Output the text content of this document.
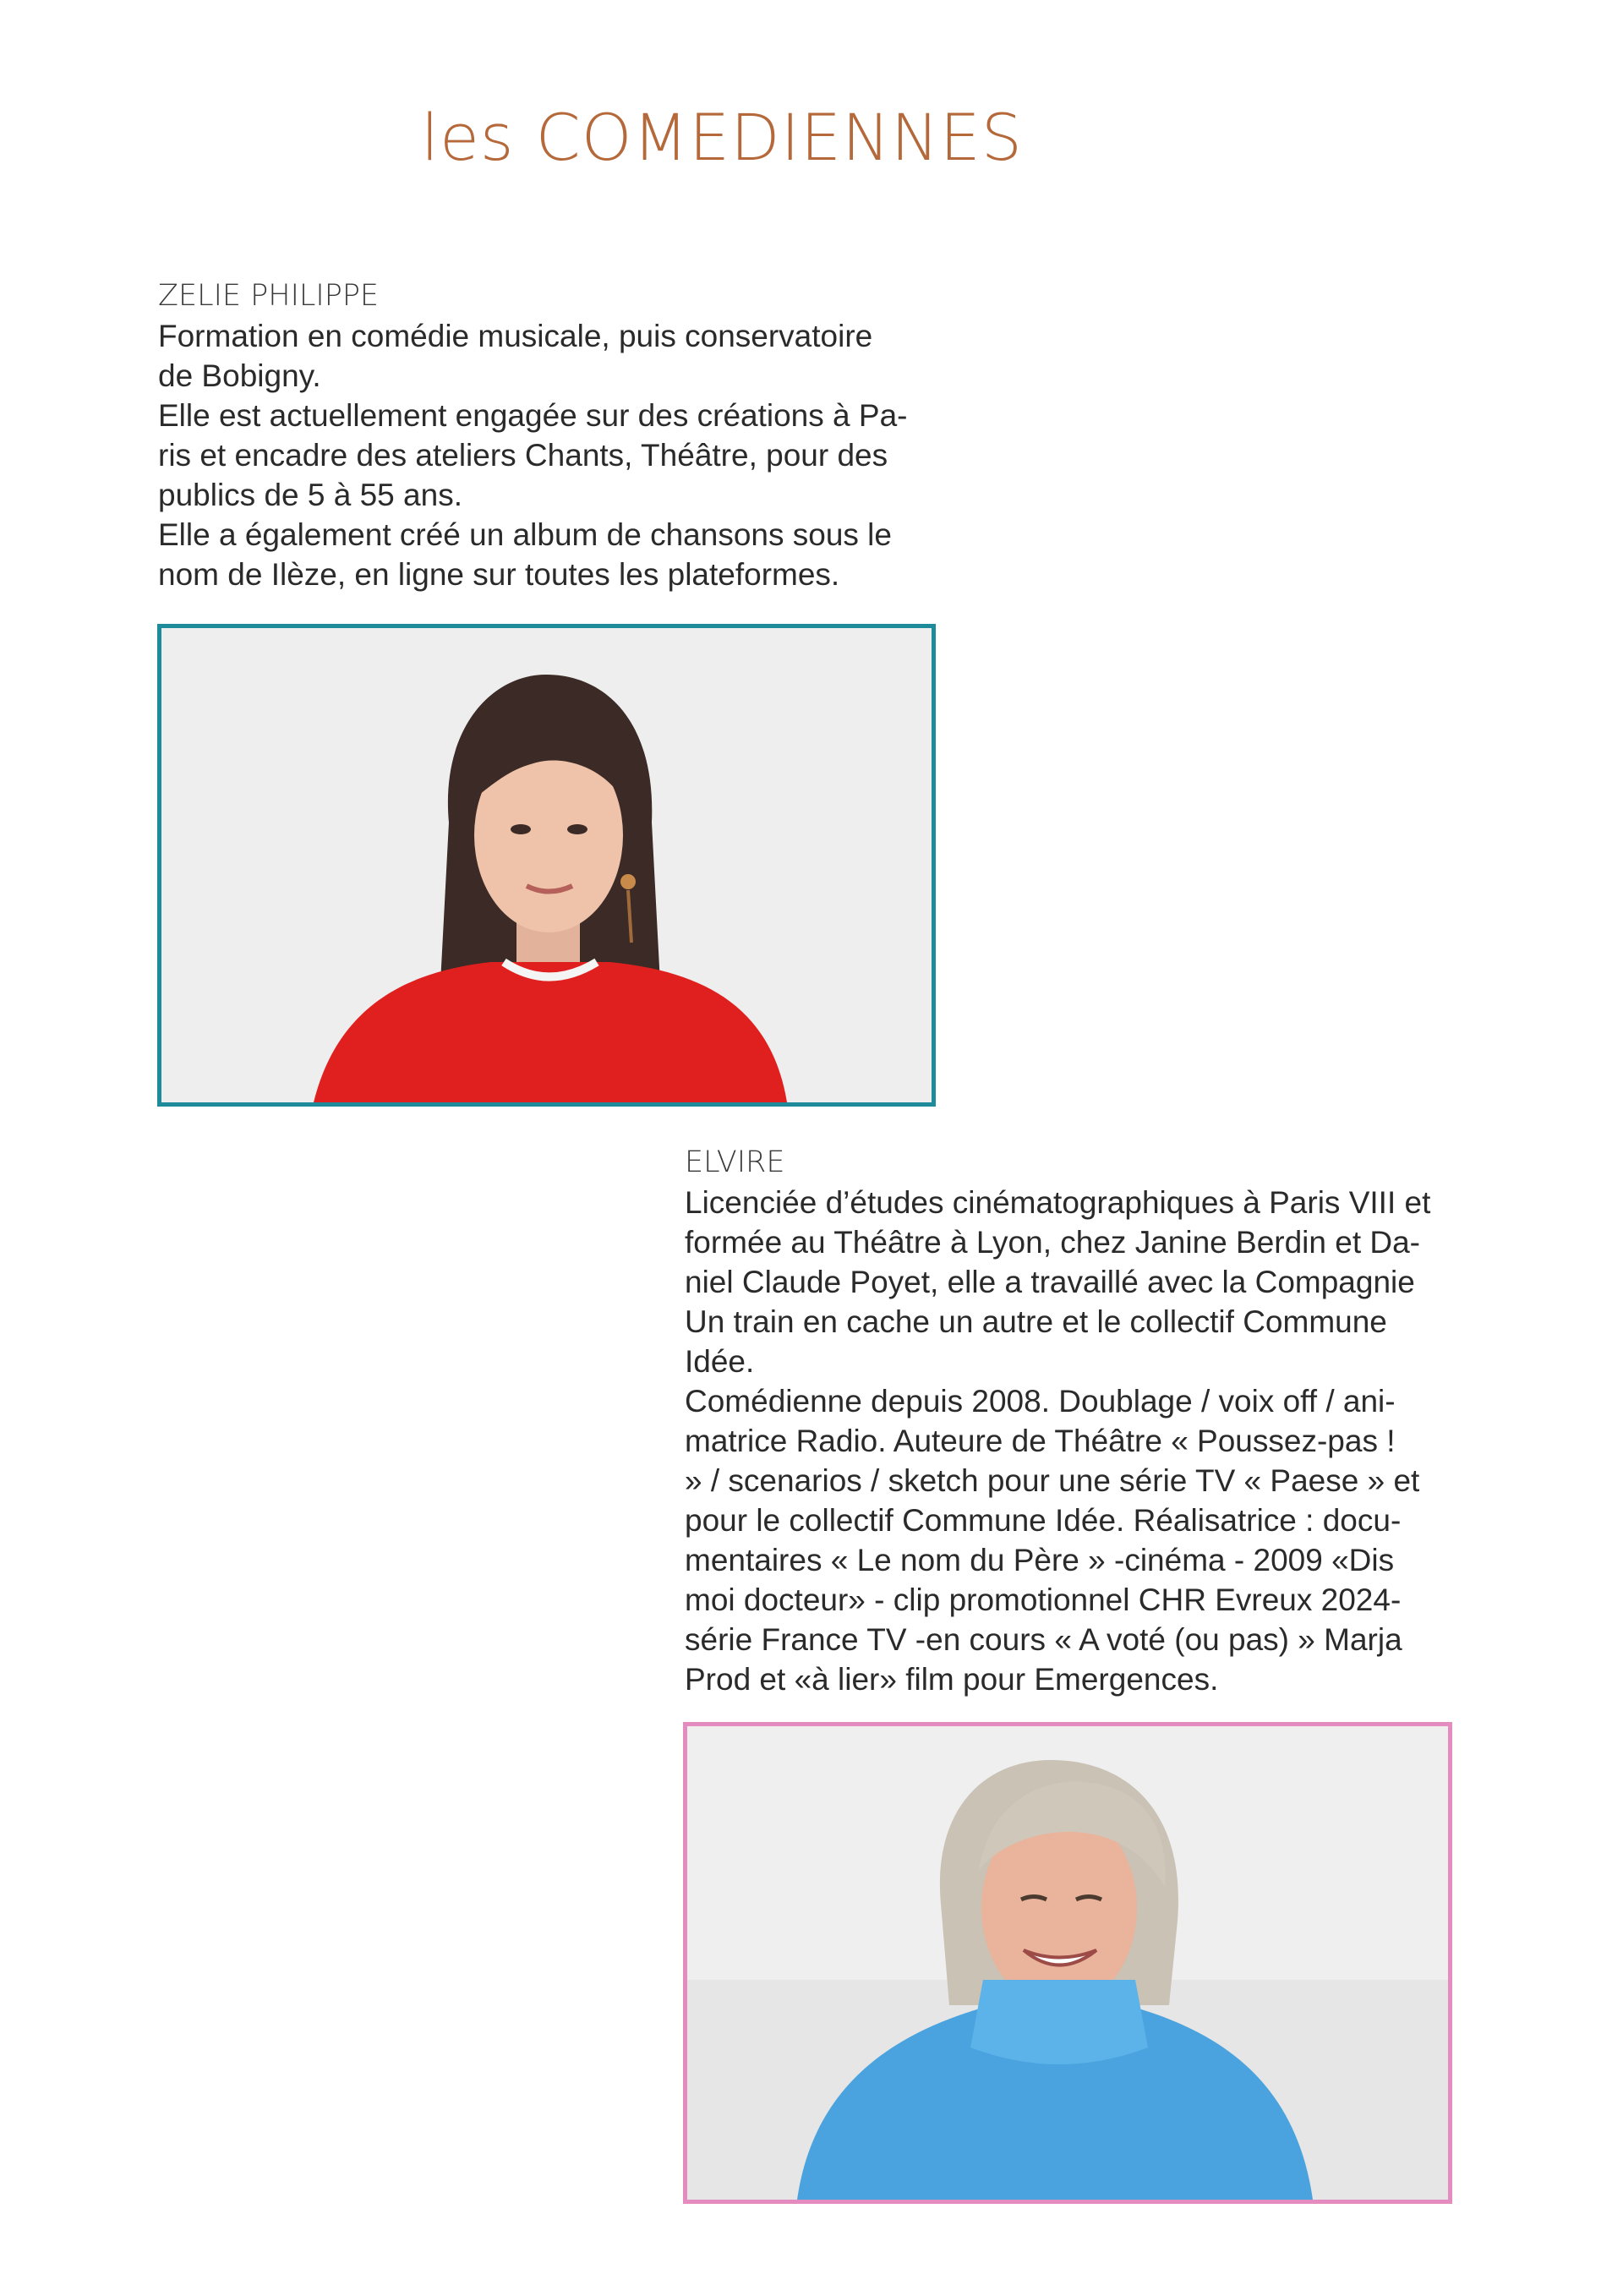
les COMEDIENNES

ZELIE PHILIPPE

Formation en comédie musicale, puis conservatoire

de Bobigny.

Elle est actuellement engagée sur des créations à Pa-

ris et encadre des ateliers Chants, Théâtre, pour des

publics de 5 à 55 ans.

Elle a également créé un album de chansons sous le

nom de Ilèze, en ligne sur toutes les plateformes.

ELVIRE

Licenciée d’études cinématographiques à Paris VIII et

formée au Théâtre à Lyon, chez Janine Berdin et Da-

niel Claude Poyet, elle a travaillé avec la Compagnie

Un train en cache un autre et le collectif Commune

Idée.

Comédienne depuis 2008. Doublage / voix off / ani-

matrice Radio. Auteure de Théâtre « Poussez-pas !

» / scenarios / sketch pour une série TV « Paese » et

pour le collectif Commune Idée. Réalisatrice : docu-

mentaires « Le nom du Père » -cinéma - 2009 «Dis

moi docteur» - clip promotionnel CHR Evreux 2024-

série France TV -en cours « A voté (ou pas) » Marja

Prod et «à lier» film pour Emergences.
